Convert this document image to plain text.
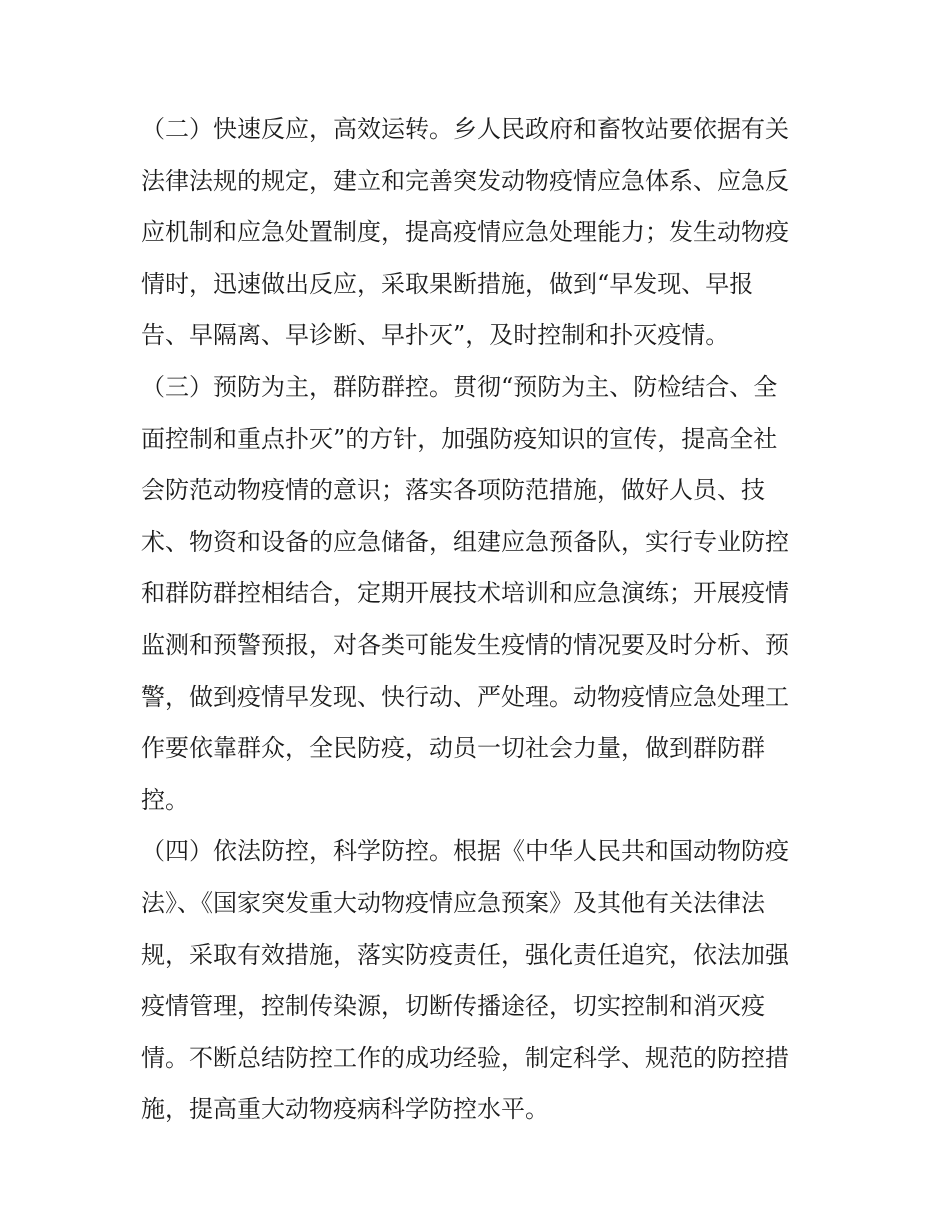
（二）快速反应，高效运转。乡人民政府和畜牧站要依据有关
法律法规的规定，建立和完善突发动物疫情应急体系、应急反
应机制和应急处置制度，提高疫情应急处理能力；发生动物疫
情时，迅速做出反应，采取果断措施，做到“早发现、早报
告、早隔离、早诊断、早扑灭”，及时控制和扑灭疫情。
（三）预防为主，群防群控。贯彻“预防为主、防检结合、全
面控制和重点扑灭”的方针，加强防疫知识的宣传，提高全社
会防范动物疫情的意识；落实各项防范措施，做好人员、技
术、物资和设备的应急储备，组建应急预备队，实行专业防控
和群防群控相结合，定期开展技术培训和应急演练；开展疫情
监测和预警预报，对各类可能发生疫情的情况要及时分析、预
警，做到疫情早发现、快行动、严处理。动物疫情应急处理工
作要依靠群众，全民防疫，动员一切社会力量，做到群防群
控。
（四）依法防控，科学防控。根据《中华人民共和国动物防疫
法》、《国家突发重大动物疫情应急预案》及其他有关法律法
规，采取有效措施，落实防疫责任，强化责任追究，依法加强
疫情管理，控制传染源，切断传播途径，切实控制和消灭疫
情。不断总结防控工作的成功经验，制定科学、规范的防控措
施，提高重大动物疫病科学防控水平。
